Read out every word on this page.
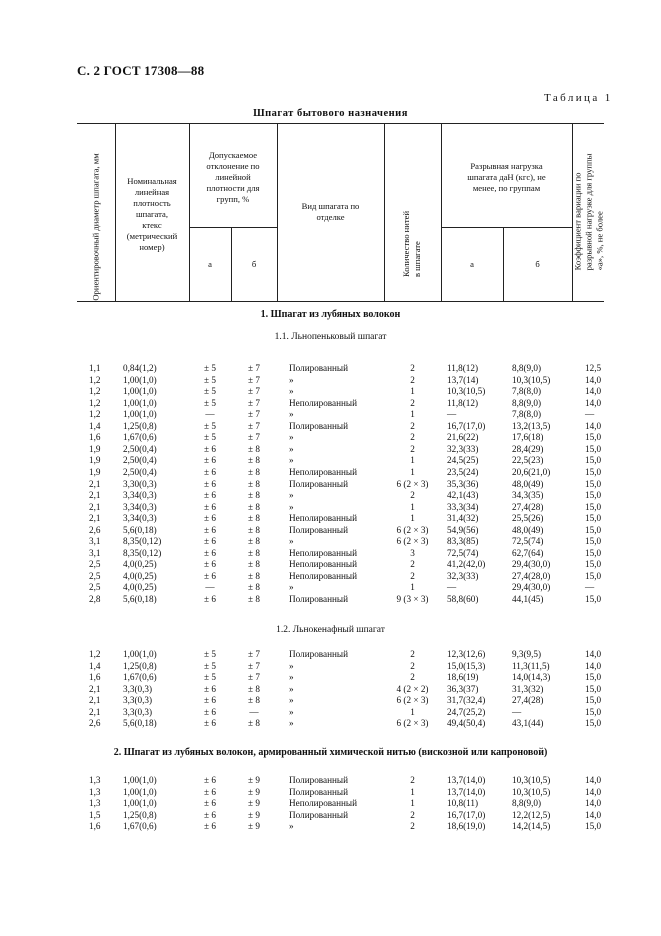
С. 2 ГОСТ 17308—88
Таблица 1
Шпагат бытового назначения
Ориентировочный диаметр шпагата, мм	Номинальная
линейная
плотность
шпагата,
ктекс
(метрический
номер)
Допускаемое
отклонение по
линейной
плотности для
групп, %
а	б
Вид шпагата по
отделке	Количество нитей в шпагате
Разрывная нагрузка
шпагата даН (кгс), не
менее, по группам
а	б	Коэффициент вариации по разрывной нагрузке для группы «а», %, не более
1. Шпагат из лубяных волокон
1.1. Льнопеньковый шпагат
1,1 0,84(1,2)	± 5	± 7	Полированный	2	11,8(12)	8,8(9,0)	12,5
1,2 1,00(1,0)	± 5	± 7	»	2	13,7(14)	10,3(10,5)	14,0
1,2 1,00(1,0)	± 5	± 7	»	1	10,3(10,5)	7,8(8,0)	14,0
1,2 1,00(1,0)	± 5	± 7	Неполированный	2	11,8(12)	8,8(9,0)	14,0
1,2 1,00(1,0)	—	± 7	»	1	—	7,8(8,0)	—
1,4 1,25(0,8)	± 5	± 7	Полированный	2	16,7(17,0)	13,2(13,5)	14,0
1,6 1,67(0,6)	± 5	± 7	»	2	21,6(22)	17,6(18)	15,0
1,9 2,50(0,4)	± 6	± 8	»	2	32,3(33)	28,4(29)	15,0
1,9 2,50(0,4)	± 6	± 8	»	1	24,5(25)	22,5(23)	15,0
1,9 2,50(0,4)	± 6	± 8	Неполированный	1	23,5(24)	20,6(21,0)	15,0
2,1 3,30(0,3)	± 6	± 8	Полированный	6 (2 × 3)	35,3(36)	48,0(49)	15,0
2,1 3,34(0,3)	± 6	± 8	»	2	42,1(43)	34,3(35)	15,0
2,1 3,34(0,3)	± 6	± 8	»	1	33,3(34)	27,4(28)	15,0
2,1 3,34(0,3)	± 6	± 8	Неполированный	1	31,4(32)	25,5(26)	15,0
2,6 5,6(0,18)	± 6	± 8	Полированный	6 (2 × 3)	54,9(56)	48,0(49)	15,0
3,1 8,35(0,12)	± 6	± 8	»	6 (2 × 3)	83,3(85)	72,5(74)	15,0
3,1 8,35(0,12)	± 6	± 8	Неполированный	3	72,5(74)	62,7(64)	15,0
2,5 4,0(0,25)	± 6	± 8	Неполированный	2	41,2(42,0)	29,4(30,0)	15,0
2,5 4,0(0,25)	± 6	± 8	Неполированный	2	32,3(33)	27,4(28,0)	15,0
2,5 4,0(0,25)	—	± 8	»	1	—	29,4(30,0)	—
2,8 5,6(0,18)	± 6	± 8	Полированный	9 (3 × 3)	58,8(60)	44,1(45)	15,0
1.2. Льнокенафный шпагат
1,2 1,00(1,0)	± 5	± 7	Полированный	2	12,3(12,6)	9,3(9,5)	14,0
1,4 1,25(0,8)	± 5	± 7	»	2	15,0(15,3)	11,3(11,5)	14,0
1,6 1,67(0,6)	± 5	± 7	»	2	18,6(19)	14,0(14,3)	15,0
2,1 3,3(0,3)	± 6	± 8	»	4 (2 × 2)	36,3(37)	31,3(32)	15,0
2,1 3,3(0,3)	± 6	± 8	»	6 (2 × 3)	31,7(32,4)	27,4(28)	15,0
2,1 3,3(0,3)	± 6	—	»	1	24,7(25,2)	—	15,0
2,6 5,6(0,18)	± 6	± 8	»	6 (2 × 3)	49,4(50,4)	43,1(44)	15,0
2. Шпагат из лубяных волокон, армированный химической нитью (вискозной или капроновой)
1,3 1,00(1,0)	± 6	± 9	Полированный	2	13,7(14,0)	10,3(10,5)	14,0
1,3 1,00(1,0)	± 6	± 9	Полированный	1	13,7(14,0)	10,3(10,5)	14,0
1,3 1,00(1,0)	± 6	± 9	Неполированный	1	10,8(11)	8,8(9,0)	14,0
1,5 1,25(0,8)	± 6	± 9	Полированный	2	16,7(17,0)	12,2(12,5)	14,0
1,6 1,67(0,6)	± 6	± 9	»	2	18,6(19,0)	14,2(14,5)	15,0
